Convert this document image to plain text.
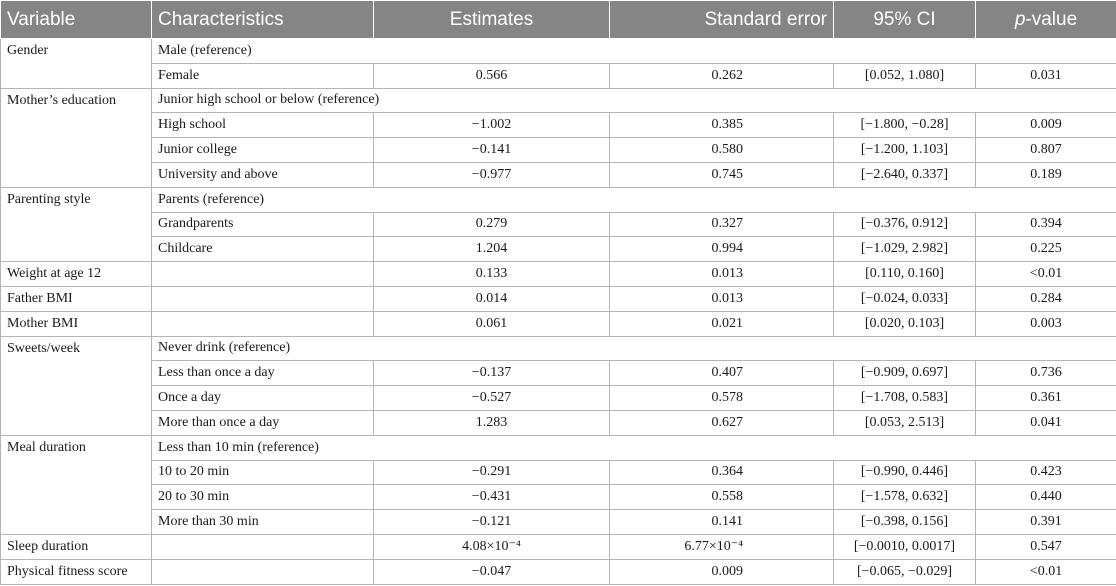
Variable	Characteristics	Estimates	Standard error	95% CI	p-value
Gender	Male (reference)				
	Female	0.566	0.262	[0.052, 1.080]	0.031
Mother’s education	Junior high school or below (reference)				
	High school	−1.002	0.385	[−1.800, −0.28]	0.009
	Junior college	−0.141	0.580	[−1.200, 1.103]	0.807
	University and above	−0.977	0.745	[−2.640, 0.337]	0.189
Parenting style	Parents (reference)				
	Grandparents	0.279	0.327	[−0.376, 0.912]	0.394
	Childcare	1.204	0.994	[−1.029, 2.982]	0.225
Weight at age 12		0.133	0.013	[0.110, 0.160]	<0.01
Father BMI		0.014	0.013	[−0.024, 0.033]	0.284
Mother BMI		0.061	0.021	[0.020, 0.103]	0.003
Sweets/week	Never drink (reference)				
	Less than once a day	−0.137	0.407	[−0.909, 0.697]	0.736
	Once a day	−0.527	0.578	[−1.708, 0.583]	0.361
	More than once a day	1.283	0.627	[0.053, 2.513]	0.041
Meal duration	Less than 10 min (reference)				
	10 to 20 min	−0.291	0.364	[−0.990, 0.446]	0.423
	20 to 30 min	−0.431	0.558	[−1.578, 0.632]	0.440
	More than 30 min	−0.121	0.141	[−0.398, 0.156]	0.391
Sleep duration		4.08×10⁻⁴	6.77×10⁻⁴	[−0.0010, 0.0017]	0.547
Physical fitness score		−0.047	0.009	[−0.065, −0.029]	<0.01
